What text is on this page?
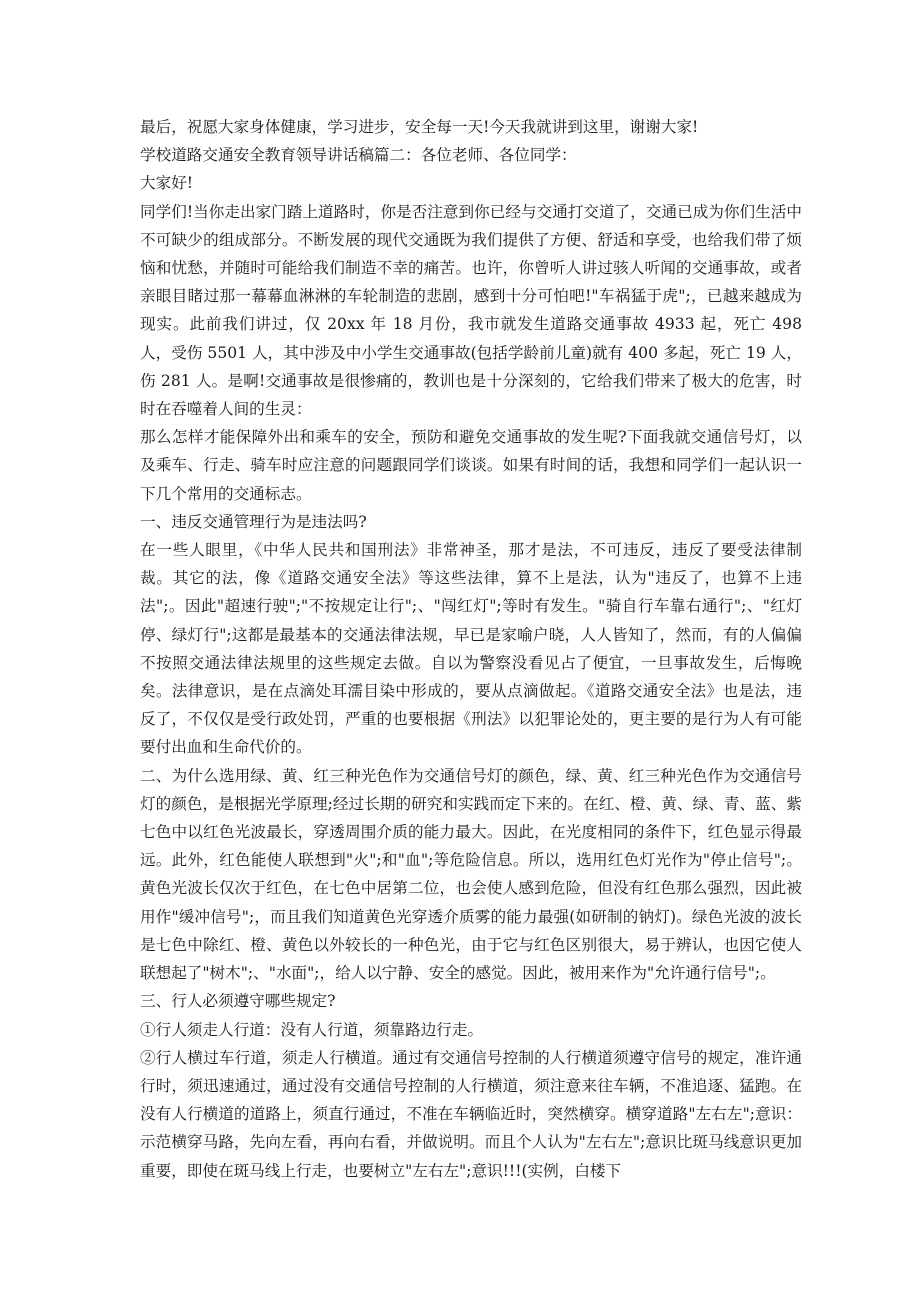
最后，祝愿大家身体健康，学习进步，安全每一天!今天我就讲到这里，谢谢大家!

学校道路交通安全教育领导讲话稿篇二：各位老师、各位同学：

大家好!

同学们!当你走出家门踏上道路时，你是否注意到你已经与交通打交道了，交通已成为你们生活中不可缺少的组成部分。不断发展的现代交通既为我们提供了方便、舒适和享受，也给我们带了烦恼和忧愁，并随时可能给我们制造不幸的痛苦。也许，你曾听人讲过骇人听闻的交通事故，或者亲眼目睹过那一幕幕血淋淋的车轮制造的悲剧，感到十分可怕吧!"车祸猛于虎";，已越来越成为现实。此前我们讲过，仅 20xx 年 18 月份，我市就发生道路交通事故 4933 起，死亡 498 人，受伤 5501 人，其中涉及中小学生交通事故(包括学龄前儿童)就有 400 多起，死亡 19 人，伤 281 人。是啊!交通事故是很惨痛的，教训也是十分深刻的，它给我们带来了极大的危害，时时在吞噬着人间的生灵：

那么怎样才能保障外出和乘车的安全，预防和避免交通事故的发生呢?下面我就交通信号灯，以及乘车、行走、骑车时应注意的问题跟同学们谈谈。如果有时间的话，我想和同学们一起认识一下几个常用的交通标志。

一、违反交通管理行为是违法吗?

在一些人眼里，《中华人民共和国刑法》非常神圣，那才是法，不可违反，违反了要受法律制裁。其它的法，像《道路交通安全法》等这些法律，算不上是法，认为"违反了，也算不上违法";。因此"超速行驶";"不按规定让行";、"闯红灯";等时有发生。"骑自行车靠右通行";、"红灯停、绿灯行";这都是最基本的交通法律法规，早已是家喻户晓，人人皆知了，然而，有的人偏偏不按照交通法律法规里的这些规定去做。自以为警察没看见占了便宜，一旦事故发生，后悔晚矣。法律意识，是在点滴处耳濡目染中形成的，要从点滴做起。《道路交通安全法》也是法，违反了，不仅仅是受行政处罚，严重的也要根据《刑法》以犯罪论处的，更主要的是行为人有可能要付出血和生命代价的。

二、为什么选用绿、黄、红三种光色作为交通信号灯的颜色，绿、黄、红三种光色作为交通信号灯的颜色，是根据光学原理;经过长期的研究和实践而定下来的。在红、橙、黄、绿、青、蓝、紫七色中以红色光波最长，穿透周围介质的能力最大。因此，在光度相同的条件下，红色显示得最远。此外，红色能使人联想到"火";和"血";等危险信息。所以，选用红色灯光作为"停止信号";。黄色光波长仅次于红色，在七色中居第二位，也会使人感到危险，但没有红色那么强烈，因此被用作"缓冲信号";，而且我们知道黄色光穿透介质雾的能力最强(如研制的钠灯)。绿色光波的波长是七色中除红、橙、黄色以外较长的一种色光，由于它与红色区别很大，易于辨认，也因它使人联想起了"树木";、"水面";，给人以宁静、安全的感觉。因此，被用来作为"允许通行信号";。

三、行人必须遵守哪些规定?

①行人须走人行道：没有人行道，须靠路边行走。

②行人横过车行道，须走人行横道。通过有交通信号控制的人行横道须遵守信号的规定，准许通行时，须迅速通过，通过没有交通信号控制的人行横道，须注意来往车辆，不准追逐、猛跑。在没有人行横道的道路上，须直行通过，不准在车辆临近时，突然横穿。横穿道路"左右左";意识：示范横穿马路，先向左看，再向右看，并做说明。而且个人认为"左右左";意识比斑马线意识更加重要，即使在斑马线上行走，也要树立"左右左";意识!!!(实例，白楼下
